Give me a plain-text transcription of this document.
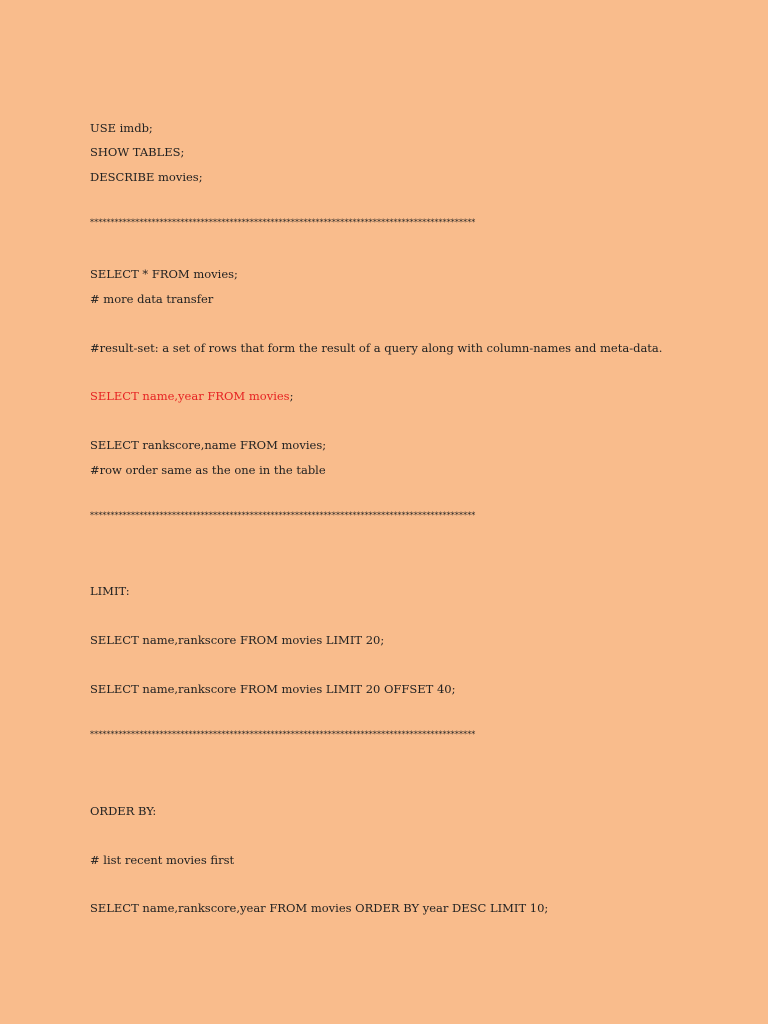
USE imdb;
SHOW TABLES;
DESCRIBE movies;
**********************************************************************************************
SELECT * FROM movies;
# more data transfer
#result-set: a set of rows that form the result of a query along with column-names and meta-data.
SELECT name,year FROM movies;
SELECT rankscore,name FROM movies;
#row order same as the one in the table
**********************************************************************************************
LIMIT:
SELECT name,rankscore FROM movies LIMIT 20;
SELECT name,rankscore FROM movies LIMIT 20 OFFSET 40;
**********************************************************************************************
ORDER BY:
# list recent movies first
SELECT name,rankscore,year FROM movies ORDER BY year DESC LIMIT 10;
